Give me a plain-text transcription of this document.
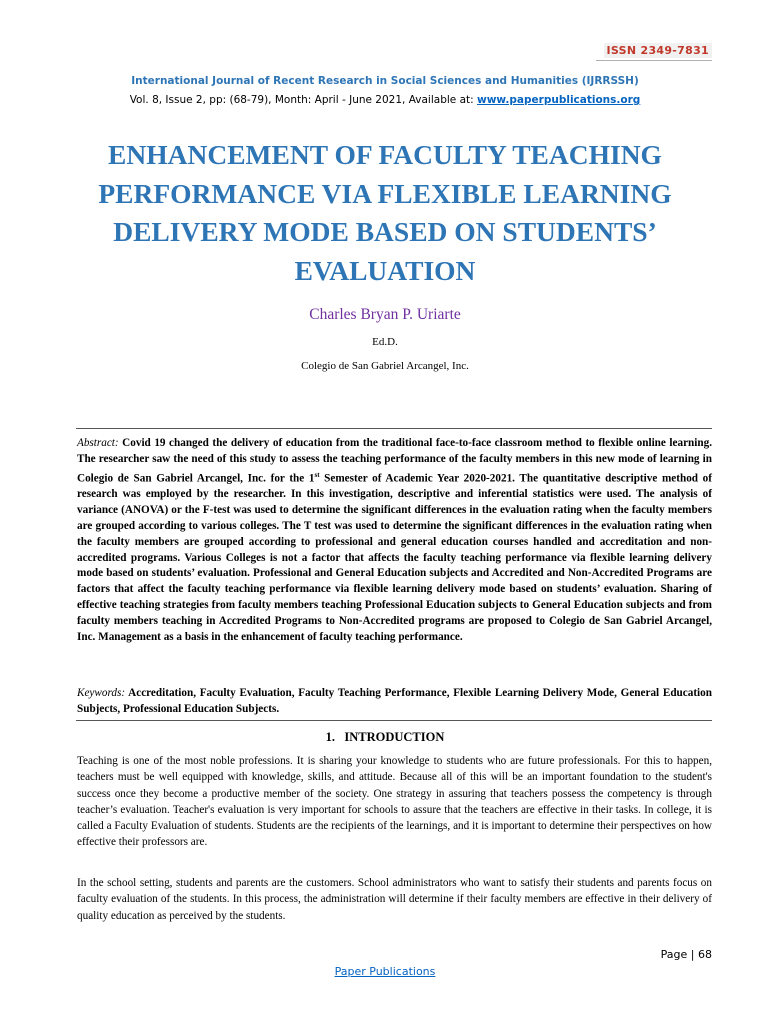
ISSN 2349-7831
International Journal of Recent Research in Social Sciences and Humanities (IJRRSSH)
Vol. 8, Issue 2, pp: (68-79), Month: April - June 2021, Available at: www.paperpublications.org
ENHANCEMENT OF FACULTY TEACHING PERFORMANCE VIA FLEXIBLE LEARNING DELIVERY MODE BASED ON STUDENTS’ EVALUATION
Charles Bryan P. Uriarte
Ed.D.
Colegio de San Gabriel Arcangel, Inc.
Abstract: Covid 19 changed the delivery of education from the traditional face-to-face classroom method to flexible online learning. The researcher saw the need of this study to assess the teaching performance of the faculty members in this new mode of learning in Colegio de San Gabriel Arcangel, Inc. for the 1st Semester of Academic Year 2020-2021. The quantitative descriptive method of research was employed by the researcher. In this investigation, descriptive and inferential statistics were used. The analysis of variance (ANOVA) or the F-test was used to determine the significant differences in the evaluation rating when the faculty members are grouped according to various colleges. The T test was used to determine the significant differences in the evaluation rating when the faculty members are grouped according to professional and general education courses handled and accreditation and non-accredited programs. Various Colleges is not a factor that affects the faculty teaching performance via flexible learning delivery mode based on students’ evaluation. Professional and General Education subjects and Accredited and Non-Accredited Programs are factors that affect the faculty teaching performance via flexible learning delivery mode based on students’ evaluation. Sharing of effective teaching strategies from faculty members teaching Professional Education subjects to General Education subjects and from faculty members teaching in Accredited Programs to Non-Accredited programs are proposed to Colegio de San Gabriel Arcangel, Inc. Management as a basis in the enhancement of faculty teaching performance.
Keywords: Accreditation, Faculty Evaluation, Faculty Teaching Performance, Flexible Learning Delivery Mode, General Education Subjects, Professional Education Subjects.
1.   INTRODUCTION
Teaching is one of the most noble professions. It is sharing your knowledge to students who are future professionals. For this to happen, teachers must be well equipped with knowledge, skills, and attitude. Because all of this will be an important foundation to the student's success once they become a productive member of the society. One strategy in assuring that teachers possess the competency is through teacher’s evaluation. Teacher's evaluation is very important for schools to assure that the teachers are effective in their tasks. In college, it is called a Faculty Evaluation of students. Students are the recipients of the learnings, and it is important to determine their perspectives on how effective their professors are.
In the school setting, students and parents are the customers. School administrators who want to satisfy their students and parents focus on faculty evaluation of the students. In this process, the administration will determine if their faculty members are effective in their delivery of quality education as perceived by the students.
Page | 68
Paper Publications
